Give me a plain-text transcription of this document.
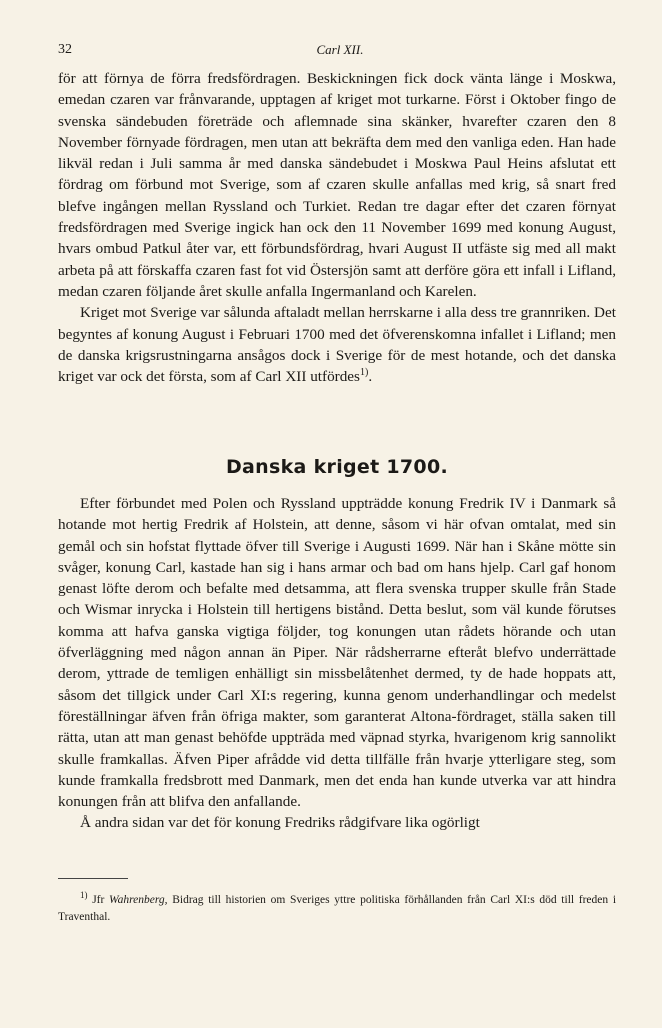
32	Carl XII.

för att förnya de förra fredsfördragen. Beskickningen fick dock vänta länge i Moskwa, emedan czaren var frånvarande, upptagen af kriget mot turkarne. Först i Oktober fingo de svenska sändebuden företräde och aflemnade sina skänker, hvarefter czaren den 8 November förnyade fördragen, men utan att bekräfta dem med den vanliga eden. Han hade likväl redan i Juli samma år med danska sändebudet i Moskwa Paul Heins afslutat ett fördrag om förbund mot Sverige, som af czaren skulle anfallas med krig, så snart fred blefve ingången mellan Ryssland och Turkiet. Redan tre dagar efter det czaren förnyat fredsfördragen med Sverige ingick han ock den 11 November 1699 med konung August, hvars ombud Patkul åter var, ett förbundsfördrag, hvari August II utfäste sig med all makt arbeta på att förskaffa czaren fast fot vid Östersjön samt att derföre göra ett infall i Lifland, medan czaren följande året skulle anfalla Ingermanland och Karelen.

Kriget mot Sverige var sålunda aftaladt mellan herrskarne i alla dess tre grannriken. Det begyntes af konung August i Februari 1700 med det öfverenskomna infallet i Lifland; men de danska krigsrustningarna ansågos dock i Sverige för de mest hotande, och det danska kriget var ock det första, som af Carl XII utfördes$^{1)}$.

Danska kriget 1700.

Efter förbundet med Polen och Ryssland uppträdde konung Fredrik IV i Danmark så hotande mot hertig Fredrik af Holstein, att denne, såsom vi här ofvan omtalat, med sin gemål och sin hofstat flyttade öfver till Sverige i Augusti 1699. När han i Skåne mötte sin svåger, konung Carl, kastade han sig i hans armar och bad om hans hjelp. Carl gaf honom genast löfte derom och befalte med detsamma, att flera svenska trupper skulle från Stade och Wismar inrycka i Holstein till hertigens bistånd. Detta beslut, som väl kunde förutses komma att hafva ganska vigtiga följder, tog konungen utan rådets hörande och utan öfverläggning med någon annan än Piper. När rådsherrarne efteråt blefvo underrättade derom, yttrade de temligen enhälligt sin missbelåtenhet dermed, ty de hade hoppats att, såsom det tillgick under Carl XI:s regering, kunna genom underhandlingar och medelst föreställningar äfven från öfriga makter, som garanterat Altona-fördraget, ställa saken till rätta, utan att man genast behöfde uppträda med väpnad styrka, hvarigenom krig sannolikt skulle framkallas. Äfven Piper afrådde vid detta tillfälle från hvarje ytterligare steg, som kunde framkalla fredsbrott med Danmark, men det enda han kunde utverka var att hindra konungen från att blifva den anfallande.

Å andra sidan var det för konung Fredriks rådgifvare lika ogörligt

$^{1)}$ Jfr Wahrenberg, Bidrag till historien om Sveriges yttre politiska förhållanden från Carl XI:s död till freden i Traventhal.
